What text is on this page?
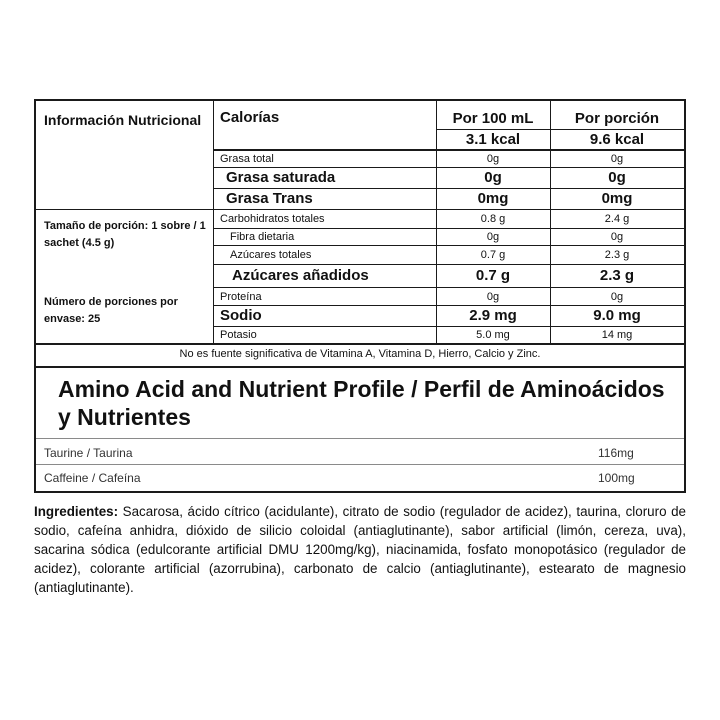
Información Nutricional
Tamaño de porción: 1 sobre / 1 sachet (4.5 g)
Número de porciones por envase: 25
Calorías	Por 100 mL	Por porción
3.1 kcal	9.6 kcal
Grasa total	0g	0g
Grasa saturada	0g	0g
Grasa Trans	0mg	0mg
Carbohidratos totales	0.8 g	2.4 g
Fibra dietaria	0g	0g
Azúcares totales	0.7 g	2.3 g
Azúcares añadidos	0.7 g	2.3 g
Proteína	0g	0g
Sodio	2.9 mg	9.0 mg
Potasio	5.0 mg	14 mg
No es fuente significativa de Vitamina A, Vitamina D, Hierro, Calcio y Zinc.
Amino Acid and Nutrient Profile / Perfil de Aminoácidos y Nutrientes
Taurine / Taurina	116mg
Caffeine / Cafeína	100mg
Ingredientes: Sacarosa, ácido cítrico (acidulante), citrato de sodio (regulador de acidez), taurina, cloruro de sodio, cafeína anhidra, dióxido de silicio coloidal (antiaglutinante), sabor artificial (limón, cereza, uva), sacarina sódica (edulcorante artificial DMU 1200mg/kg), niacinamida, fosfato monopotásico (regulador de acidez), colorante artificial (azorrubina), carbonato de calcio (antiaglutinante), estearato de magnesio (antiaglutinante).
